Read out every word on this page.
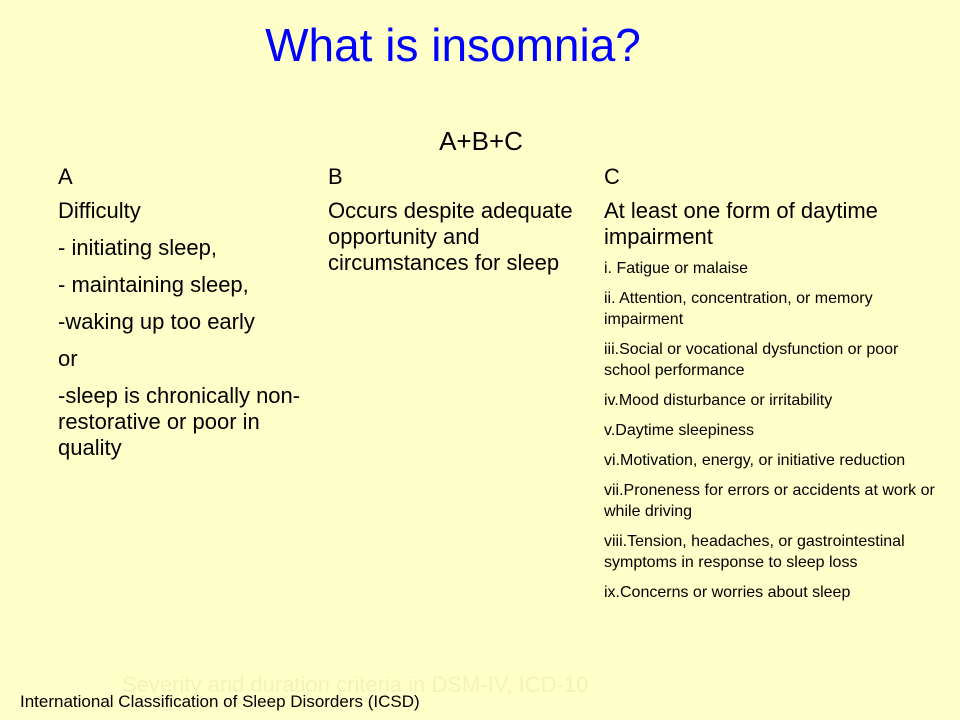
What is insomnia?
A+B+C
A
Difficulty
- initiating sleep,
- maintaining sleep,
-waking up too early
or
-sleep is chronically non-restorative or poor in quality
B
Occurs despite adequate opportunity and circumstances for sleep
C
At least one form of daytime impairment
i. Fatigue or malaise
ii. Attention, concentration, or memory impairment
iii.Social or vocational dysfunction or poor school performance
iv.Mood disturbance or irritability
v.Daytime sleepiness
vi.Motivation, energy, or initiative reduction
vii.Proneness for errors or accidents at work or while driving
viii.Tension, headaches, or gastrointestinal symptoms in response to sleep loss
ix.Concerns or worries about sleep
Severity and duration criteria in DSM-IV, ICD-10
International Classification of Sleep Disorders (ICSD)
